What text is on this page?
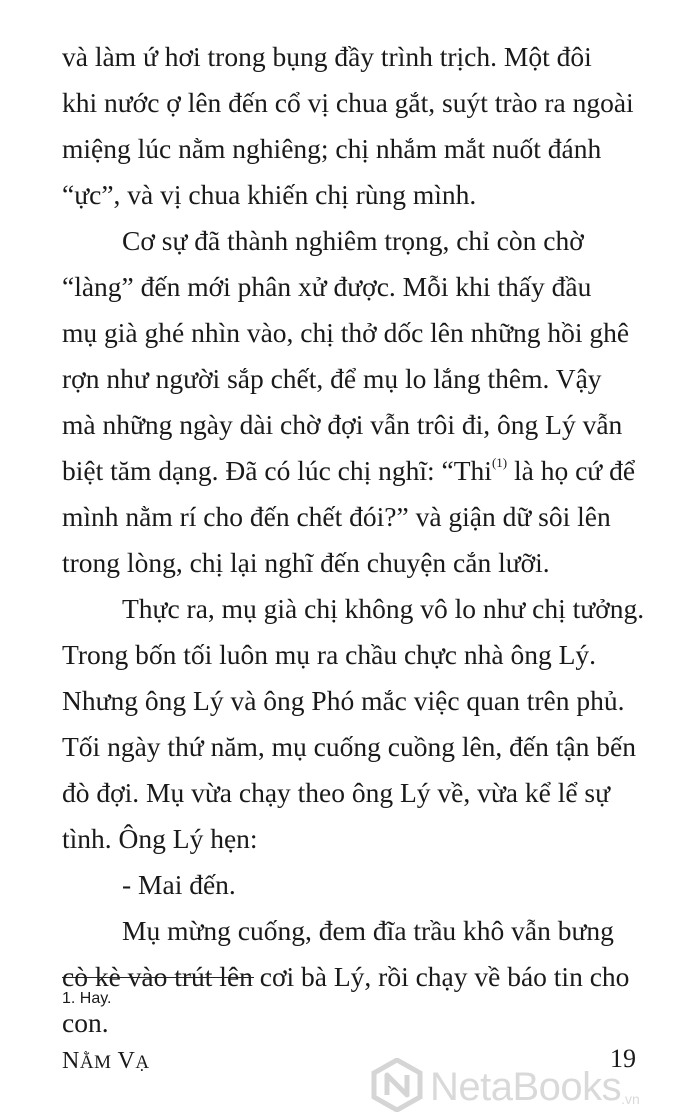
và làm ứ hơi trong bụng đầy trình trịch. Một đôi
khi nước ợ lên đến cổ vị chua gắt, suýt trào ra ngoài
miệng lúc nằm nghiêng; chị nhắm mắt nuốt đánh
“ực”, và vị chua khiến chị rùng mình.

Cơ sự đã thành nghiêm trọng, chỉ còn chờ
“làng” đến mới phân xử được. Mỗi khi thấy đầu
mụ già ghé nhìn vào, chị thở dốc lên những hồi ghê
rợn như người sắp chết, để mụ lo lắng thêm. Vậy
mà những ngày dài chờ đợi vẫn trôi đi, ông Lý vẫn
biệt tăm dạng. Đã có lúc chị nghĩ: “Thi$^{(1)}$ là họ cứ để
mình nằm rí cho đến chết đói?” và giận dữ sôi lên
trong lòng, chị lại nghĩ đến chuyện cắn lưỡi.

Thực ra, mụ già chị không vô lo như chị tưởng.
Trong bốn tối luôn mụ ra chầu chực nhà ông Lý.
Nhưng ông Lý và ông Phó mắc việc quan trên phủ.
Tối ngày thứ năm, mụ cuống cuồng lên, đến tận bến
đò đợi. Mụ vừa chạy theo ông Lý về, vừa kể lể sự
tình. Ông Lý hẹn:

- Mai đến.

Mụ mừng cuống, đem đĩa trầu khô vẫn bưng
cò kè vào trút lên cơi bà Lý, rồi chạy về báo tin cho
con.

1. Hay.
NẰM VẠ	19
NetaBooks .vn
